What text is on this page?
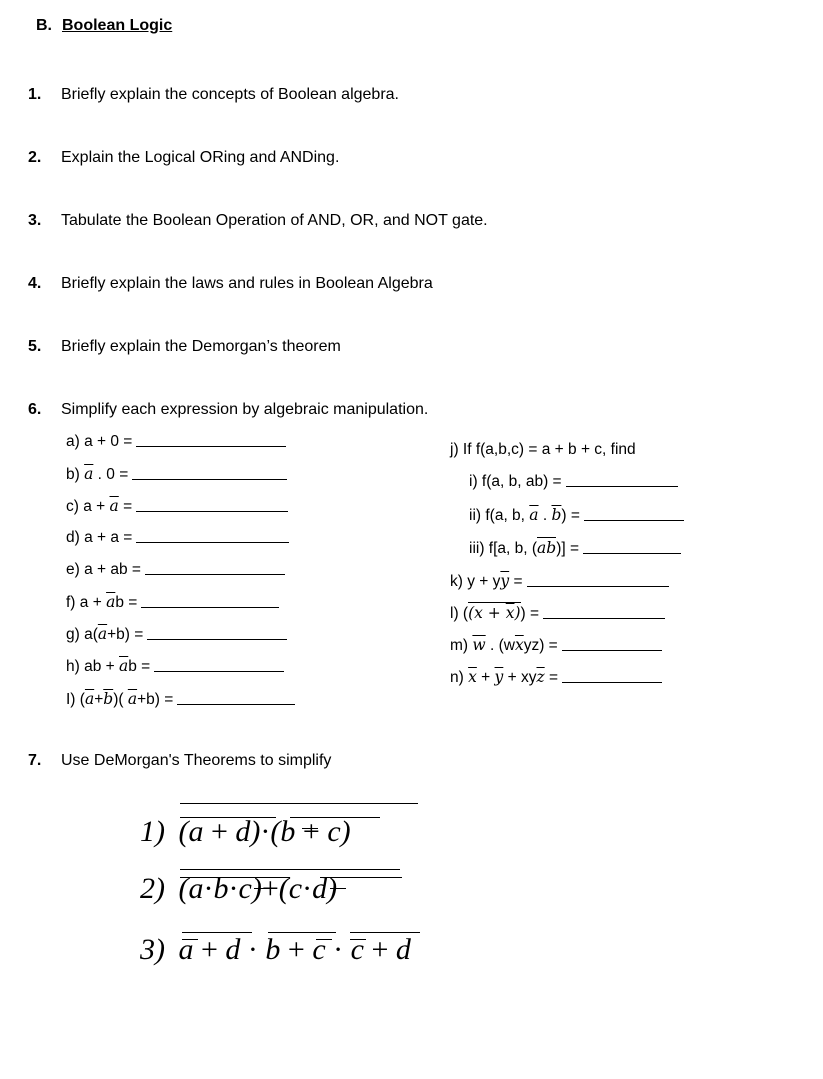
B. Boolean Logic
1. Briefly explain the concepts of Boolean algebra.
2. Explain the Logical ORing and ANDing.
3. Tabulate the Boolean Operation of AND, OR, and NOT gate.
4. Briefly explain the laws and rules in Boolean Algebra
5. Briefly explain the Demorgan’s theorem
6. Simplify each expression by algebraic manipulation.
a) a + 0 =
b) $\overline{a}$ . 0 =
c) $a + \overline{a}$ =
d) a + a =
e) a + ab =
f) $a + \overline{a}b$ =
g) $a(\overline{a}+b)$ =
h) ab + $\overline{a}b$ =
I) $(\overline{a}+\overline{b})$( $\overline{a}+b$) =
j) If f(a,b,c) = a + b + c, find
i) f(a, b, ab) =
ii) f(a, b, $\overline{a}$ . $\overline{b}$) =
iii) f[a, b, (ab)] =
k) $y + y\overline{y}$ =
l) $((x + \overline{x}))$ =
m) $\overline{w}$ . $(w\overline{x}yz)$ =
n) $\overline{x} + \overline{y} + xy\overline{z}$ =
7. Use DeMorgan's Theorems to simplify
1) (a + d)·(b + c)
2) (a·b·c)+(c·d)
3) a + d · b + c · c + d
